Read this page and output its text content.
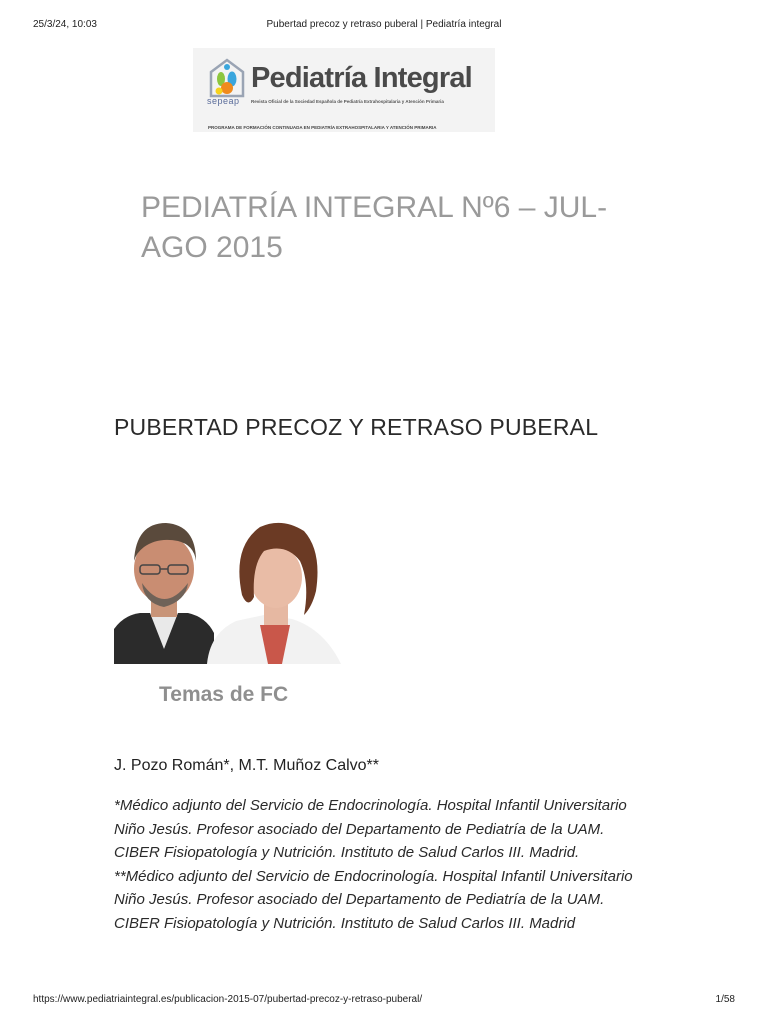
25/3/24, 10:03	Pubertad precoz y retraso puberal | Pediatría integral
sepeap
Pediatría Integral
Revista Oficial de la Sociedad Española de Pediatría Extrahospitalaria y Atención Primaria
PROGRAMA DE FORMACIÓN CONTINUADA EN PEDIATRÍA EXTRAHOSPITALARIA Y ATENCIÓN PRIMARIA
PEDIATRÍA INTEGRAL Nº6 – JUL-AGO 2015
PUBERTAD PRECOZ Y RETRASO PUBERAL
Temas de FC
J. Pozo Román*, M.T. Muñoz Calvo**

*Médico adjunto del Servicio de Endocrinología. Hospital Infantil Universitario Niño Jesús. Profesor asociado del Departamento de Pediatría de la UAM. CIBER Fisiopatología y Nutrición. Instituto de Salud Carlos III. Madrid. **Médico adjunto del Servicio de Endocrinología. Hospital Infantil Universitario Niño Jesús. Profesor asociado del Departamento de Pediatría de la UAM. CIBER Fisiopatología y Nutrición. Instituto de Salud Carlos III. Madrid

https://www.pediatriaintegral.es/publicacion-2015-07/pubertad-precoz-y-retraso-puberal/	1/58
